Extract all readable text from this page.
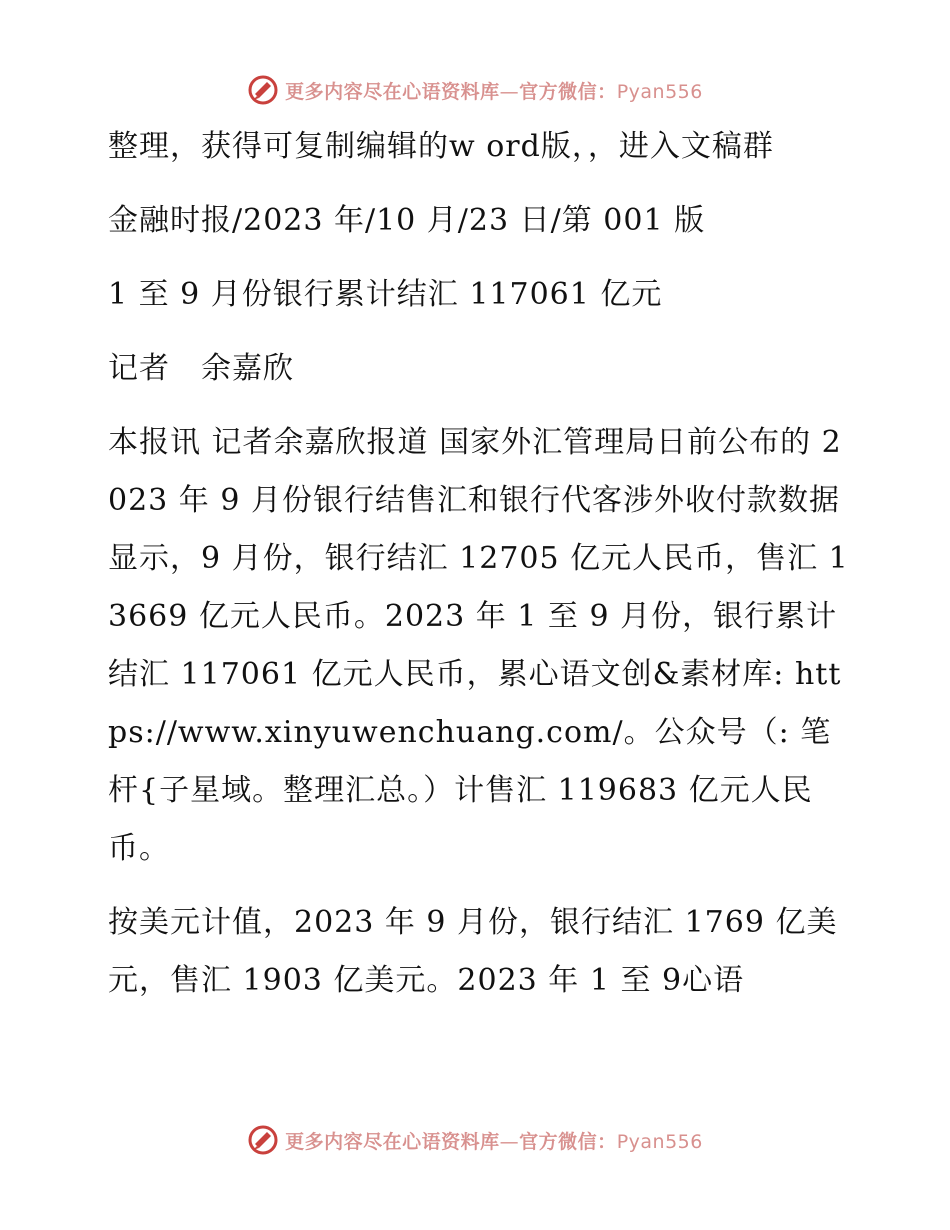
更多内容尽在心语资料库—官方微信：Pyan556

整理，获得可复制编辑的w ord版，，进入文稿群

金融时报/2023 年/10 月/23 日/第 001 版

1 至 9 月份银行累计结汇 117061 亿元

记者　余嘉欣

本报讯 记者余嘉欣报道 国家外汇管理局日前公布的 2023 年 9 月份银行结售汇和银行代客涉外收付款数据显示，9 月份，银行结汇 12705 亿元人民币，售汇 13669 亿元人民币。2023 年 1 至 9 月份，银行累计结汇 117061 亿元人民币，累心语文创&素材库: https://www.xinyuwenchuang.com/。公众号（: 笔杆{子星域。整理汇总。）计售汇 119683 亿元人民币。

按美元计值，2023 年 9 月份，银行结汇 1769 亿美元，售汇 1903 亿美元。2023 年 1 至 9心语

更多内容尽在心语资料库—官方微信：Pyan556
